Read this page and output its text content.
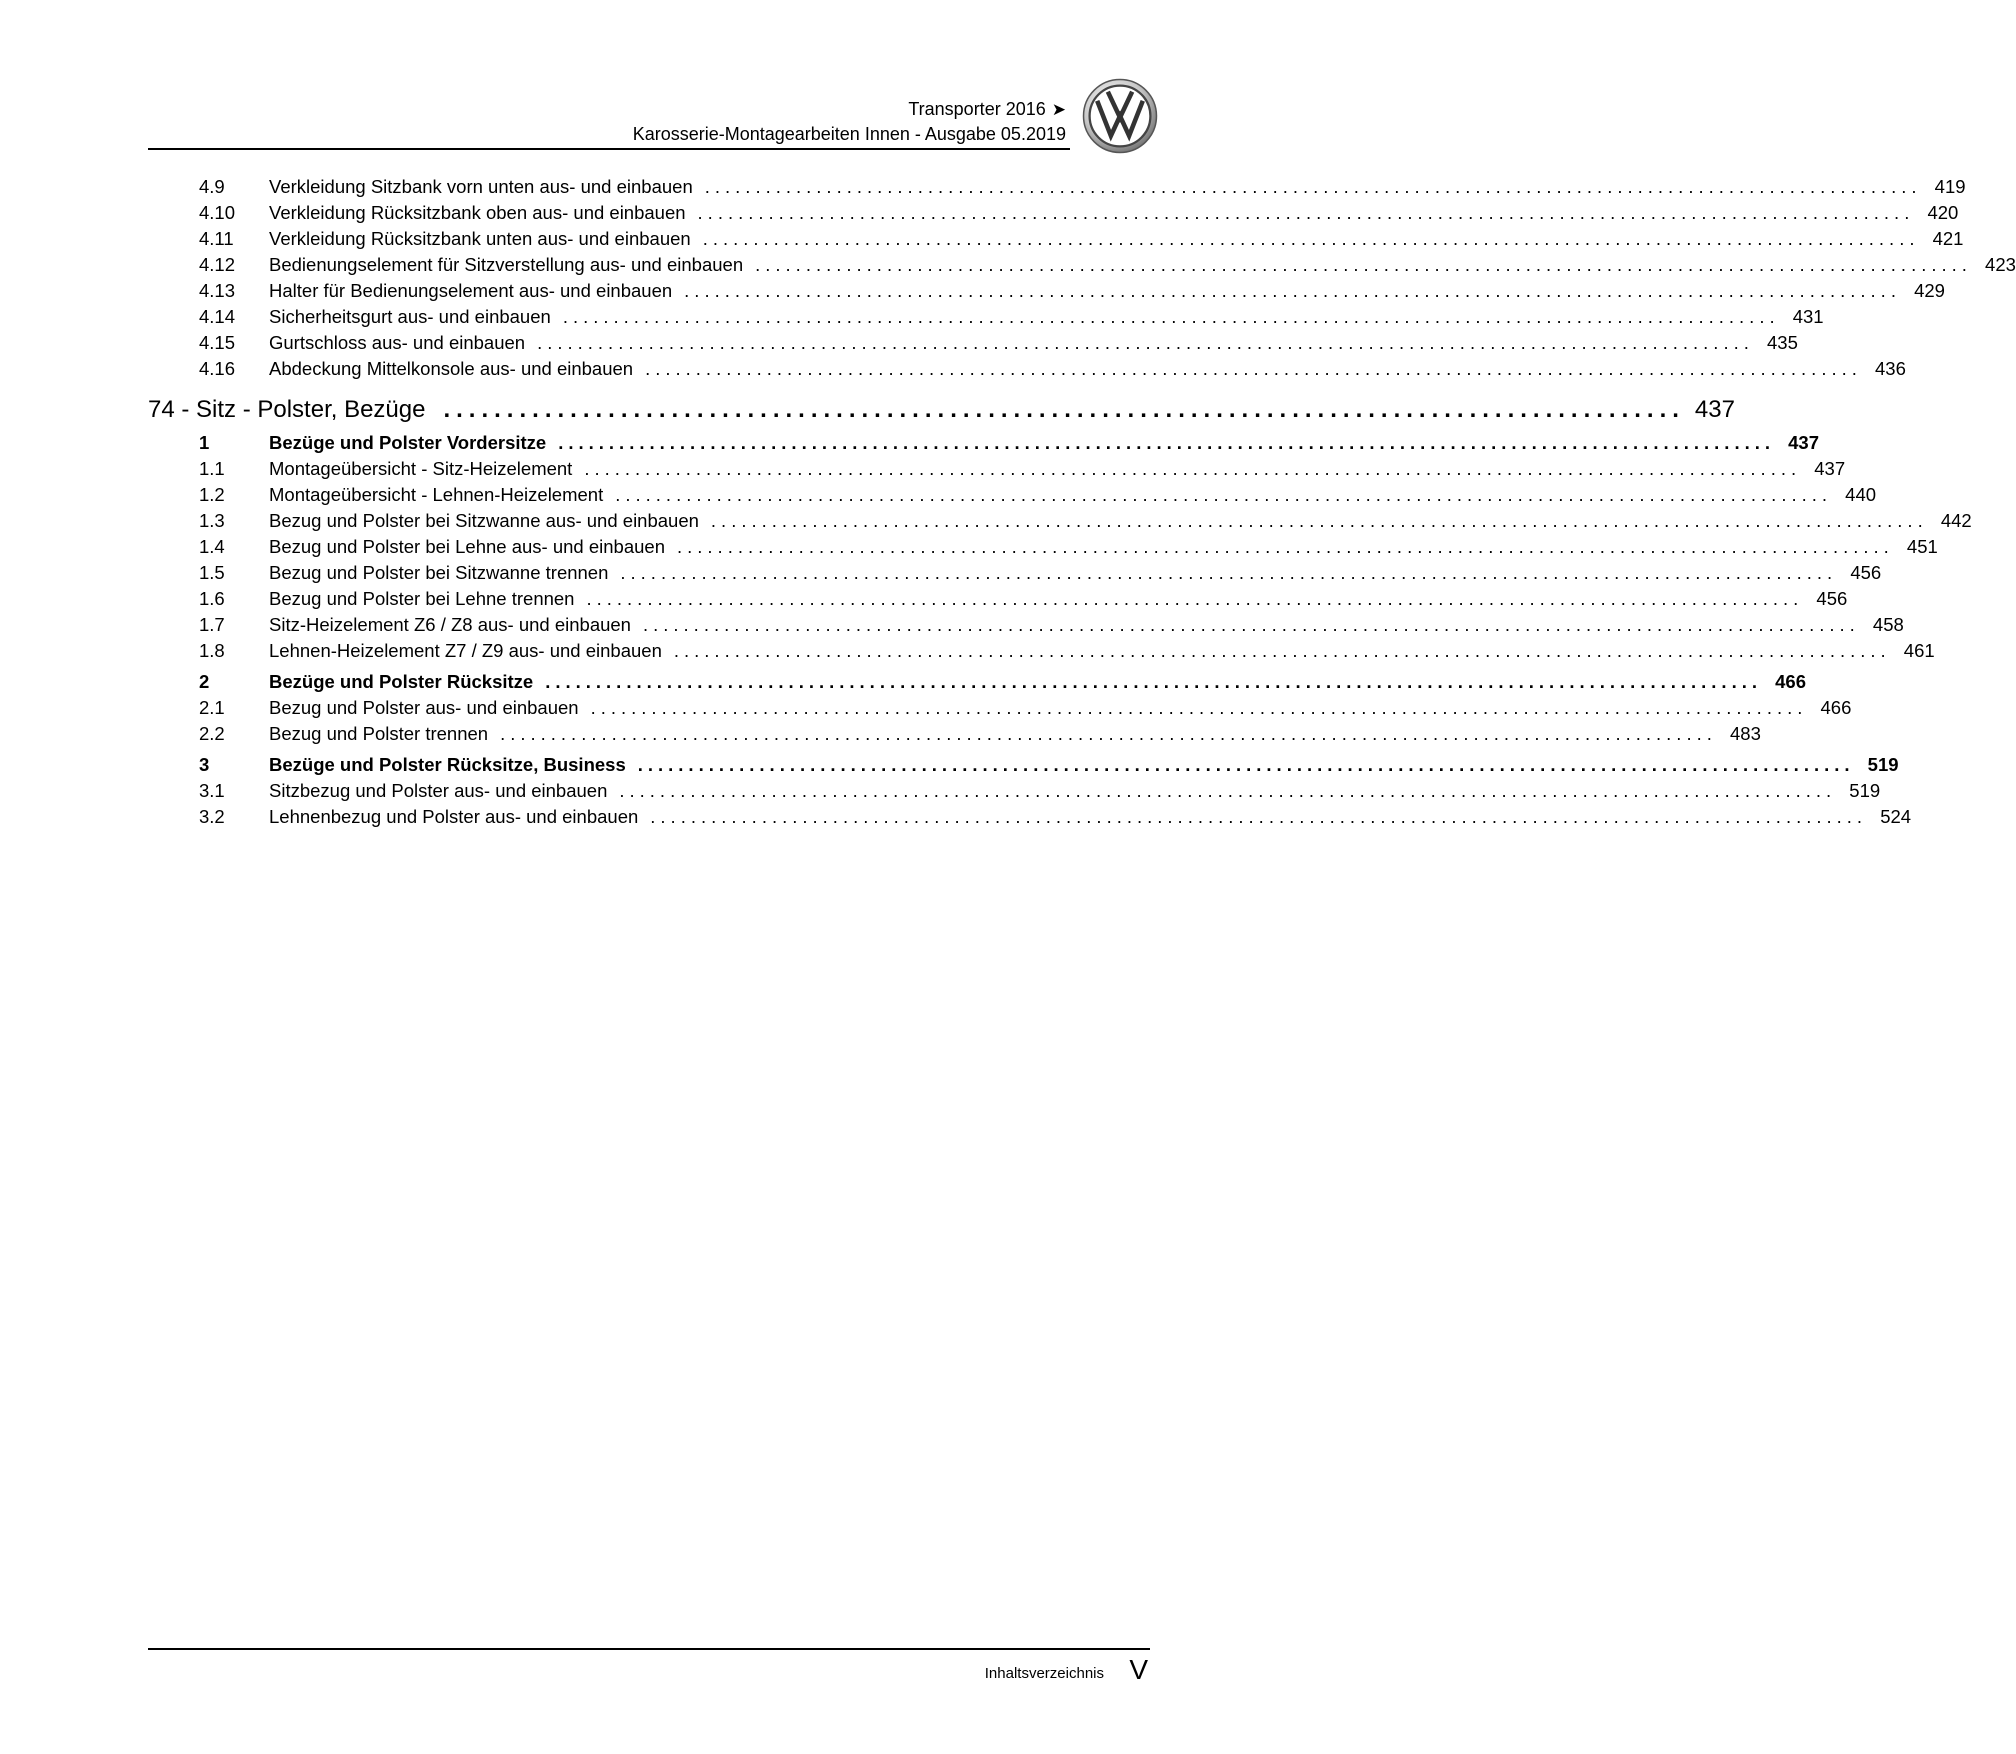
Transporter 2016 ➤
Karosserie-Montagearbeiten Innen - Ausgabe 05.2019
4.9	Verkleidung Sitzbank vorn unten aus- und einbauen ........................................................................................................................ 419
4.10	Verkleidung Rücksitzbank oben aus- und einbauen ........................................................................................................................ 420
4.11	Verkleidung Rücksitzbank unten aus- und einbauen ........................................................................................................................ 421
4.12	Bedienungselement für Sitzverstellung aus- und einbauen ........................................................................................................................ 423
4.13	Halter für Bedienungselement aus- und einbauen ........................................................................................................................ 429
4.14	Sicherheitsgurt aus- und einbauen ........................................................................................................................ 431
4.15	Gurtschloss aus- und einbauen ........................................................................................................................ 435
4.16	Abdeckung Mittelkonsole aus- und einbauen ........................................................................................................................ 436
74 - Sitz - Polster, Bezüge .................................................................................................. 437
1	Bezüge und Polster Vordersitze ........................................................................................................................ 437
1.1	Montageübersicht - Sitz-Heizelement ........................................................................................................................ 437
1.2	Montageübersicht - Lehnen-Heizelement ........................................................................................................................ 440
1.3	Bezug und Polster bei Sitzwanne aus- und einbauen ........................................................................................................................ 442
1.4	Bezug und Polster bei Lehne aus- und einbauen ........................................................................................................................ 451
1.5	Bezug und Polster bei Sitzwanne trennen ........................................................................................................................ 456
1.6	Bezug und Polster bei Lehne trennen ........................................................................................................................ 456
1.7	Sitz-Heizelement Z6 / Z8 aus- und einbauen ........................................................................................................................ 458
1.8	Lehnen-Heizelement Z7 / Z9 aus- und einbauen ........................................................................................................................ 461
2	Bezüge und Polster Rücksitze ........................................................................................................................ 466
2.1	Bezug und Polster aus- und einbauen ........................................................................................................................ 466
2.2	Bezug und Polster trennen ........................................................................................................................ 483
3	Bezüge und Polster Rücksitze, Business ........................................................................................................................ 519
3.1	Sitzbezug und Polster aus- und einbauen ........................................................................................................................ 519
3.2	Lehnenbezug und Polster aus- und einbauen ........................................................................................................................ 524
Inhaltsverzeichnis V
